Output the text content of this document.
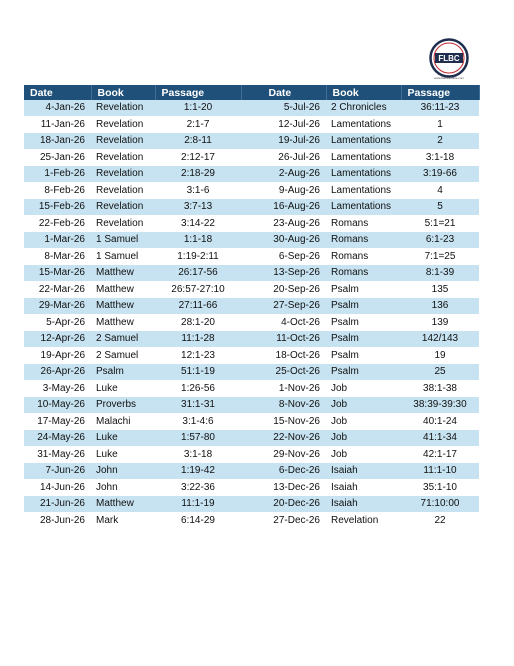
FLBC
www.fairlanebible.com
Date	Book	Passage	Date	Book	Passage
4-Jan-26	Revelation	1:1-20	5-Jul-26	2 Chronicles	36:11-23
11-Jan-26	Revelation	2:1-7	12-Jul-26	Lamentations	1
18-Jan-26	Revelation	2:8-11	19-Jul-26	Lamentations	2
25-Jan-26	Revelation	2:12-17	26-Jul-26	Lamentations	3:1-18
1-Feb-26	Revelation	2:18-29	2-Aug-26	Lamentations	3:19-66
8-Feb-26	Revelation	3:1-6	9-Aug-26	Lamentations	4
15-Feb-26	Revelation	3:7-13	16-Aug-26	Lamentations	5
22-Feb-26	Revelation	3:14-22	23-Aug-26	Romans	5:1=21
1-Mar-26	1 Samuel	1:1-18	30-Aug-26	Romans	6:1-23
8-Mar-26	1 Samuel	1:19-2:11	6-Sep-26	Romans	7:1=25
15-Mar-26	Matthew	26:17-56	13-Sep-26	Romans	8:1-39
22-Mar-26	Matthew	26:57-27:10	20-Sep-26	Psalm	135
29-Mar-26	Matthew	27:11-66	27-Sep-26	Psalm	136
5-Apr-26	Matthew	28:1-20	4-Oct-26	Psalm	139
12-Apr-26	2 Samuel	11:1-28	11-Oct-26	Psalm	142/143
19-Apr-26	2 Samuel	12:1-23	18-Oct-26	Psalm	19
26-Apr-26	Psalm	51:1-19	25-Oct-26	Psalm	25
3-May-26	Luke	1:26-56	1-Nov-26	Job	38:1-38
10-May-26	Proverbs	31:1-31	8-Nov-26	Job	38:39-39:30
17-May-26	Malachi	3:1-4:6	15-Nov-26	Job	40:1-24
24-May-26	Luke	1:57-80	22-Nov-26	Job	41:1-34
31-May-26	Luke	3:1-18	29-Nov-26	Job	42:1-17
7-Jun-26	John	1:19-42	6-Dec-26	Isaiah	11:1-10
14-Jun-26	John	3:22-36	13-Dec-26	Isaiah	35:1-10
21-Jun-26	Matthew	11:1-19	20-Dec-26	Isaiah	71:10:00
28-Jun-26	Mark	6:14-29	27-Dec-26	Revelation	22
